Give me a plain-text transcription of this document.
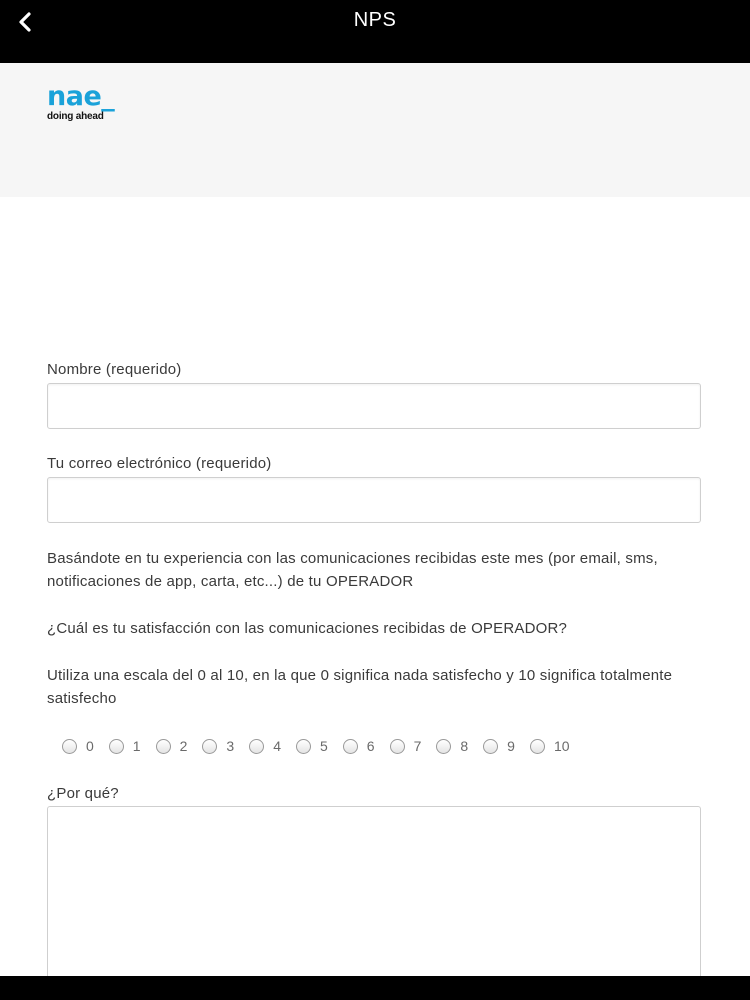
NPS
nae_
doing ahead
Nombre (requerido)
Tu correo electrónico (requerido)
Basándote en tu experiencia con las comunicaciones recibidas este mes (por email, sms, notificaciones de app, carta, etc...) de tu OPERADOR
¿Cuál es tu satisfacción con las comunicaciones recibidas de OPERADOR?
Utiliza una escala del 0 al 10, en la que 0 significa nada satisfecho y 10 significa totalmente satisfecho
0	1	2	3	4	5	6	7	8	9	10
¿Por qué?
